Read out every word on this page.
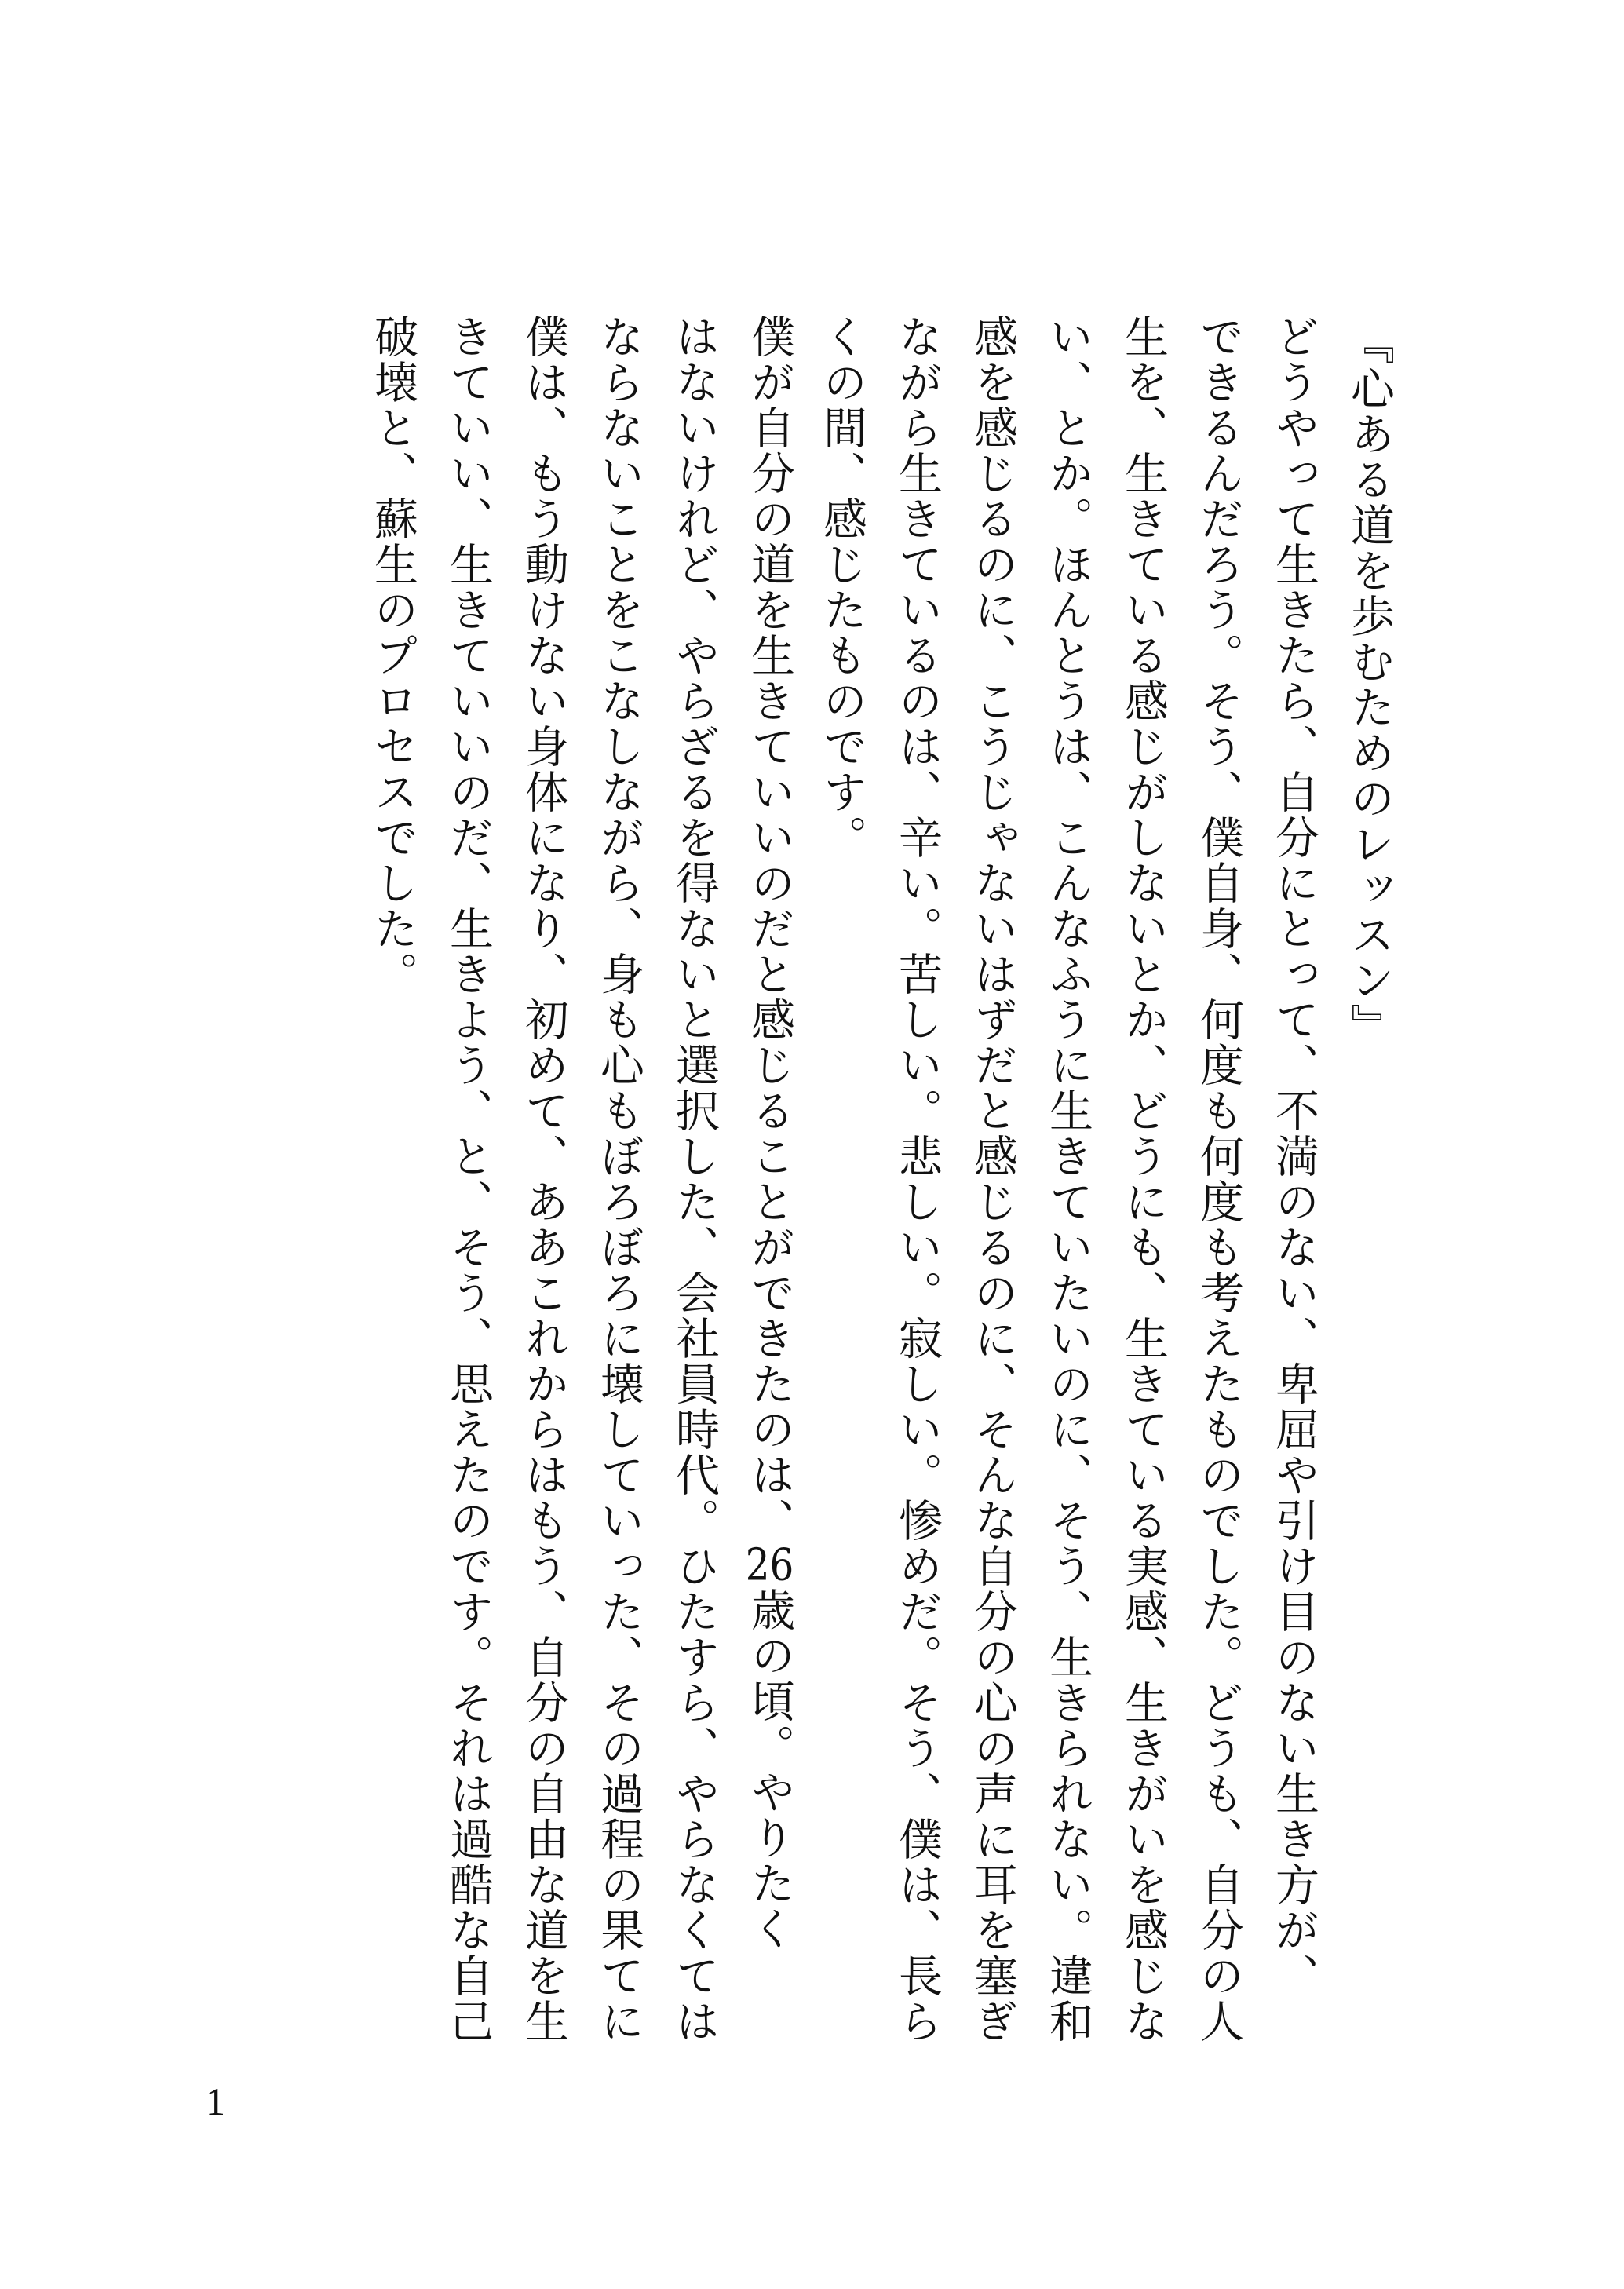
『心ある道を歩むためのレッスン』

どうやって生きたら、自分にとって、不満のない、卑屈や引け目のない生き方が、
できるんだろう。そう、僕自身、何度も何度も考えたものでした。どうも、自分の人
生を、生きている感じがしないとか、どうにも、生きている実感、生きがいを感じな
い、とか。ほんとうは、こんなふうに生きていたいのに、そう、生きられない。違和
感を感じるのに、こうじゃないはずだと感じるのに、そんな自分の心の声に耳を塞ぎ
ながら生きているのは、辛い。苦しい。悲しい。寂しい。惨めだ。そう、僕は、長ら
くの間、感じたものです。

僕が自分の道を生きていいのだと感じることができたのは、26歳の頃。やりたく
はないけれど、やらざるを得ないと選択した、会社員時代。ひたすら、やらなくては
ならないことをこなしながら、身も心もぼろぼろに壊していった、その過程の果てに
僕は、もう動けない身体になり、初めて、ああこれからはもう、自分の自由な道を生
きていい、生きていいのだ、生きよう、と、そう、思えたのです。それは過酷な自己
破壊と、蘇生のプロセスでした。

1
